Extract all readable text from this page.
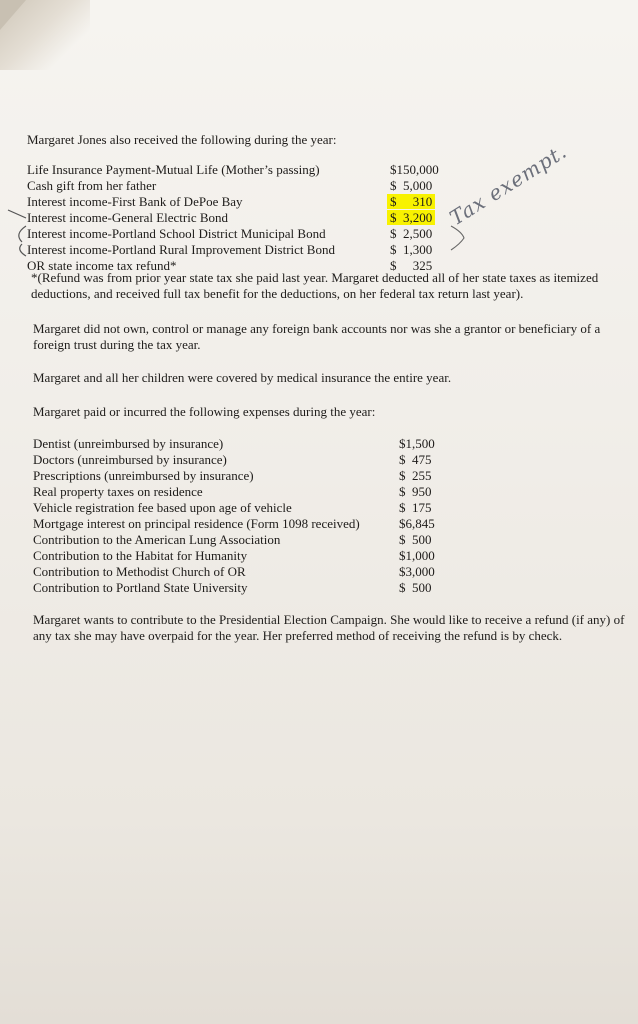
Margaret Jones also received the following during the year:
Life Insurance Payment-Mutual Life (Mother’s passing)	$150,000
Cash gift from her father	$  5,000
Interest income-First Bank of DePoe Bay	$     310
Interest income-General Electric Bond	$  3,200
Interest income-Portland School District Municipal Bond	$  2,500
Interest income-Portland Rural Improvement District Bond	$  1,300
OR state income tax refund*	$     325
Tax exempt.
*(Refund was from prior year state tax she paid last year. Margaret deducted all of her state taxes as itemized deductions, and received full tax benefit for the deductions, on her federal tax return last year).
Margaret did not own, control or manage any foreign bank accounts nor was she a grantor or beneficiary of a foreign trust during the tax year.
Margaret and all her children were covered by medical insurance the entire year.
Margaret paid or incurred the following expenses during the year:
Dentist (unreimbursed by insurance)	$1,500
Doctors (unreimbursed by insurance)	$  475
Prescriptions (unreimbursed by insurance)	$  255
Real property taxes on residence	$  950
Vehicle registration fee based upon age of vehicle	$  175
Mortgage interest on principal residence (Form 1098 received)	$6,845
Contribution to the American Lung Association	$  500
Contribution to the Habitat for Humanity	$1,000
Contribution to Methodist Church of OR	$3,000
Contribution to Portland State University	$  500
Margaret wants to contribute to the Presidential Election Campaign. She would like to receive a refund (if any) of any tax she may have overpaid for the year. Her preferred method of receiving the refund is by check.
